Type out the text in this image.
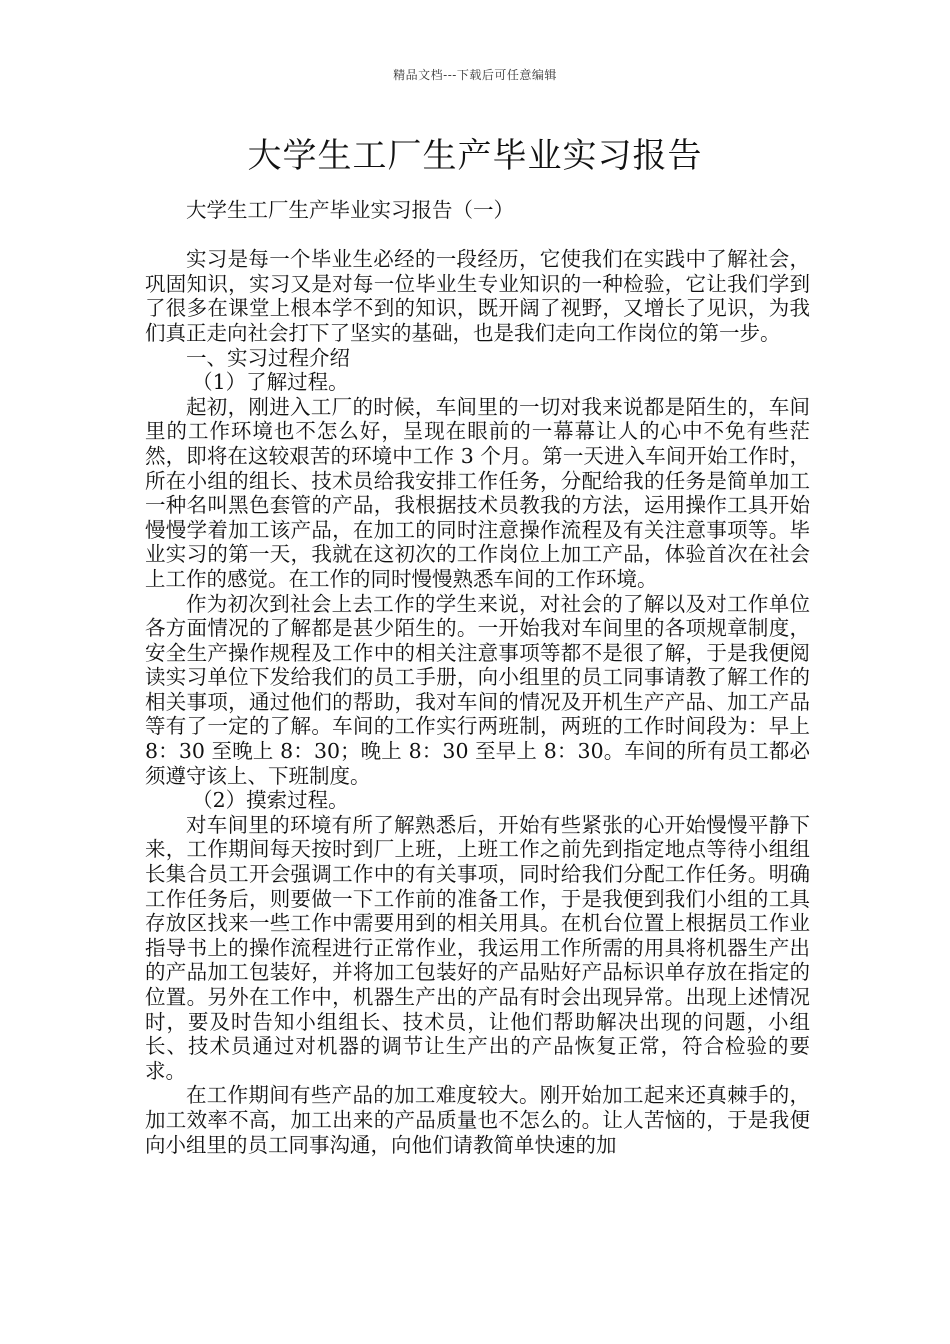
精品文档---下载后可任意编辑
大学生工厂生产毕业实习报告

大学生工厂生产毕业实习报告（一）

实习是每一个毕业生必经的一段经历，它使我们在实践中了解社会，巩固知识，实习又是对每一位毕业生专业知识的一种检验，它让我们学到了很多在课堂上根本学不到的知识，既开阔了视野，又增长了见识，为我们真正走向社会打下了坚实的基础，也是我们走向工作岗位的第一步。

一、实习过程介绍

（1）了解过程。

起初，刚进入工厂的时候，车间里的一切对我来说都是陌生的，车间里的工作环境也不怎么好，呈现在眼前的一幕幕让人的心中不免有些茫然，即将在这较艰苦的环境中工作 3 个月。第一天进入车间开始工作时，所在小组的组长、技术员给我安排工作任务，分配给我的任务是简单加工一种名叫黑色套管的产品，我根据技术员教我的方法，运用操作工具开始慢慢学着加工该产品，在加工的同时注意操作流程及有关注意事项等。毕业实习的第一天，我就在这初次的工作岗位上加工产品，体验首次在社会上工作的感觉。在工作的同时慢慢熟悉车间的工作环境。

作为初次到社会上去工作的学生来说，对社会的了解以及对工作单位各方面情况的了解都是甚少陌生的。一开始我对车间里的各项规章制度，安全生产操作规程及工作中的相关注意事项等都不是很了解，于是我便阅读实习单位下发给我们的员工手册，向小组里的员工同事请教了解工作的相关事项，通过他们的帮助，我对车间的情况及开机生产产品、加工产品等有了一定的了解。车间的工作实行两班制，两班的工作时间段为：早上 8：30 至晚上 8：30；晚上 8：30 至早上 8：30。车间的所有员工都必须遵守该上、下班制度。

（2）摸索过程。

对车间里的环境有所了解熟悉后，开始有些紧张的心开始慢慢平静下来，工作期间每天按时到厂上班，上班工作之前先到指定地点等待小组组长集合员工开会强调工作中的有关事项，同时给我们分配工作任务。明确工作任务后，则要做一下工作前的准备工作，于是我便到我们小组的工具存放区找来一些工作中需要用到的相关用具。在机台位置上根据员工作业指导书上的操作流程进行正常作业，我运用工作所需的用具将机器生产出的产品加工包装好，并将加工包装好的产品贴好产品标识单存放在指定的位置。另外在工作中，机器生产出的产品有时会出现异常。出现上述情况时，要及时告知小组组长、技术员，让他们帮助解决出现的问题，小组长、技术员通过对机器的调节让生产出的产品恢复正常，符合检验的要求。

在工作期间有些产品的加工难度较大。刚开始加工起来还真棘手的，加工效率不高，加工出来的产品质量也不怎么的。让人苦恼的，于是我便向小组里的员工同事沟通，向他们请教简单快速的加
